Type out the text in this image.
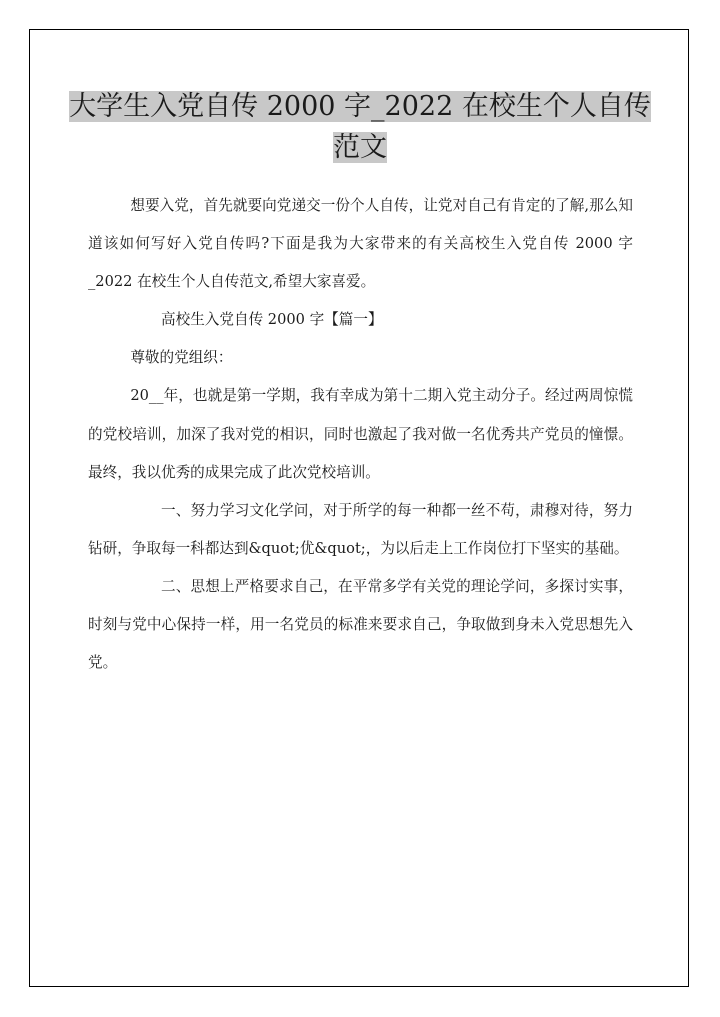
大学生入党自传 2000 字_2022 在校生个人自传
范文

想要入党，首先就要向党递交一份个人自传，让党对自己有肯定的了解,那么知道该如何写好入党自传吗?下面是我为大家带来的有关高校生入党自传 2000 字_2022 在校生个人自传范文,希望大家喜爱。

高校生入党自传 2000 字【篇一】

尊敬的党组织：

20__年，也就是第一学期，我有幸成为第十二期入党主动分子。经过两周惊慌的党校培训，加深了我对党的相识，同时也激起了我对做一名优秀共产党员的憧憬。最终，我以优秀的成果完成了此次党校培训。

一、努力学习文化学问，对于所学的每一种都一丝不苟，肃穆对待，努力钻研，争取每一科都达到&quot;优&quot;，为以后走上工作岗位打下坚实的基础。

二、思想上严格要求自己，在平常多学有关党的理论学问，多探讨实事，时刻与党中心保持一样，用一名党员的标准来要求自己，争取做到身未入党思想先入党。
